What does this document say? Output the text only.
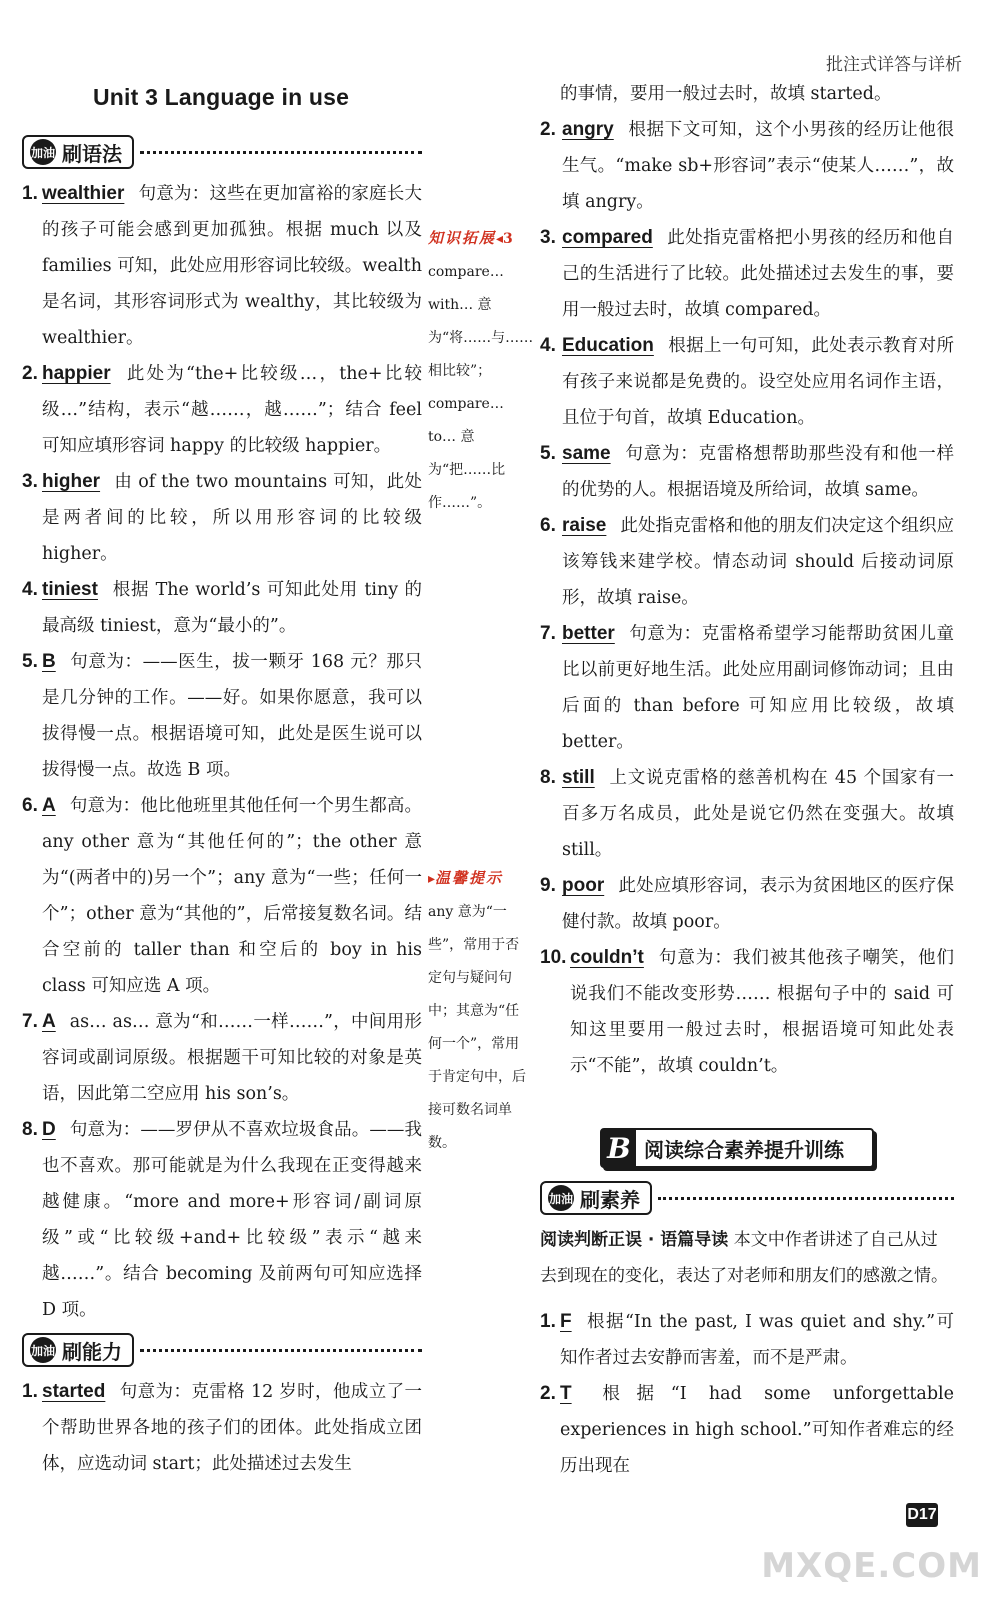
批注式详答与详析
Unit 3 Language in use
加油 刷语法
1. wealthier 句意为：这些在更加富裕的家庭长大的孩子可能会感到更加孤独。根据 much 以及 families 可知，此处应用形容词比较级。wealth 是名词，其形容词形式为 wealthy，其比较级为 wealthier。
2. happier 此处为“the+比较级…，the+比较级…”结构，表示“越……，越……”；结合 feel 可知应填形容词 happy 的比较级 happier。
3. higher 由 of the two mountains 可知，此处是两者间的比较，所以用形容词的比较级 higher。
4. tiniest 根据 The world’s 可知此处用 tiny 的最高级 tiniest，意为“最小的”。
5. B 句意为：——医生，拔一颗牙 168 元？那只是几分钟的工作。——好。如果你愿意，我可以拔得慢一点。根据语境可知，此处是医生说可以拔得慢一点。故选 B 项。
6. A 句意为：他比他班里其他任何一个男生都高。any other 意为“其他任何的”；the other 意为“(两者中的)另一个”；any 意为“一些；任何一个”；other 意为“其他的”，后常接复数名词。结合空前的 taller than 和空后的 boy in his class 可知应选 A 项。
7. A as… as… 意为“和……一样……”，中间用形容词或副词原级。根据题干可知比较的对象是英语，因此第二空应用 his son’s。
8. D 句意为：——罗伊从不喜欢垃圾食品。——我也不喜欢。那可能就是为什么我现在正变得越来越健康。“more and more+形容词/副词原级”或“比较级+and+比较级”表示“越来越……”。结合 becoming 及前两句可知应选择 D 项。
加油 刷能力
1. started 句意为：克雷格 12 岁时，他成立了一个帮助世界各地的孩子们的团体。此处指成立团体，应选动词 start；此处描述过去发生
知识拓展◂3
compare… with… 意为“将……与……相比较”；compare… to… 意为“把……比作……”。
▸温馨提示
any 意为“一些”，常用于否定句与疑问句中；其意为“任何一个”，常用于肯定句中，后接可数名词单数。
的事情，要用一般过去时，故填 started。
2. angry 根据下文可知，这个小男孩的经历让他很生气。“make sb+形容词”表示“使某人……”，故填 angry。
3. compared 此处指克雷格把小男孩的经历和他自己的生活进行了比较。此处描述过去发生的事，要用一般过去时，故填 compared。
4. Education 根据上一句可知，此处表示教育对所有孩子来说都是免费的。设空处应用名词作主语，且位于句首，故填 Education。
5. same 句意为：克雷格想帮助那些没有和他一样的优势的人。根据语境及所给词，故填 same。
6. raise 此处指克雷格和他的朋友们决定这个组织应该筹钱来建学校。情态动词 should 后接动词原形，故填 raise。
7. better 句意为：克雷格希望学习能帮助贫困儿童比以前更好地生活。此处应用副词修饰动词；且由后面的 than before 可知应用比较级，故填 better。
8. still 上文说克雷格的慈善机构在 45 个国家有一百多万名成员，此处是说它仍然在变强大。故填 still。
9. poor 此处应填形容词，表示为贫困地区的医疗保健付款。故填 poor。
10. couldn’t 句意为：我们被其他孩子嘲笑，他们说我们不能改变形势…… 根据句子中的 said 可知这里要用一般过去时，根据语境可知此处表示“不能”，故填 couldn’t。
B 阅读综合素养提升训练
加油 刷素养
阅读判断正误 · 语篇导读 本文中作者讲述了自己从过去到现在的变化，表达了对老师和朋友们的感激之情。
1. F 根据“In the past, I was quiet and shy.”可知作者过去安静而害羞，而不是严肃。
2. T 根据“I had some unforgettable experiences in high school.”可知作者难忘的经历出现在
D17
MXQE.COM
